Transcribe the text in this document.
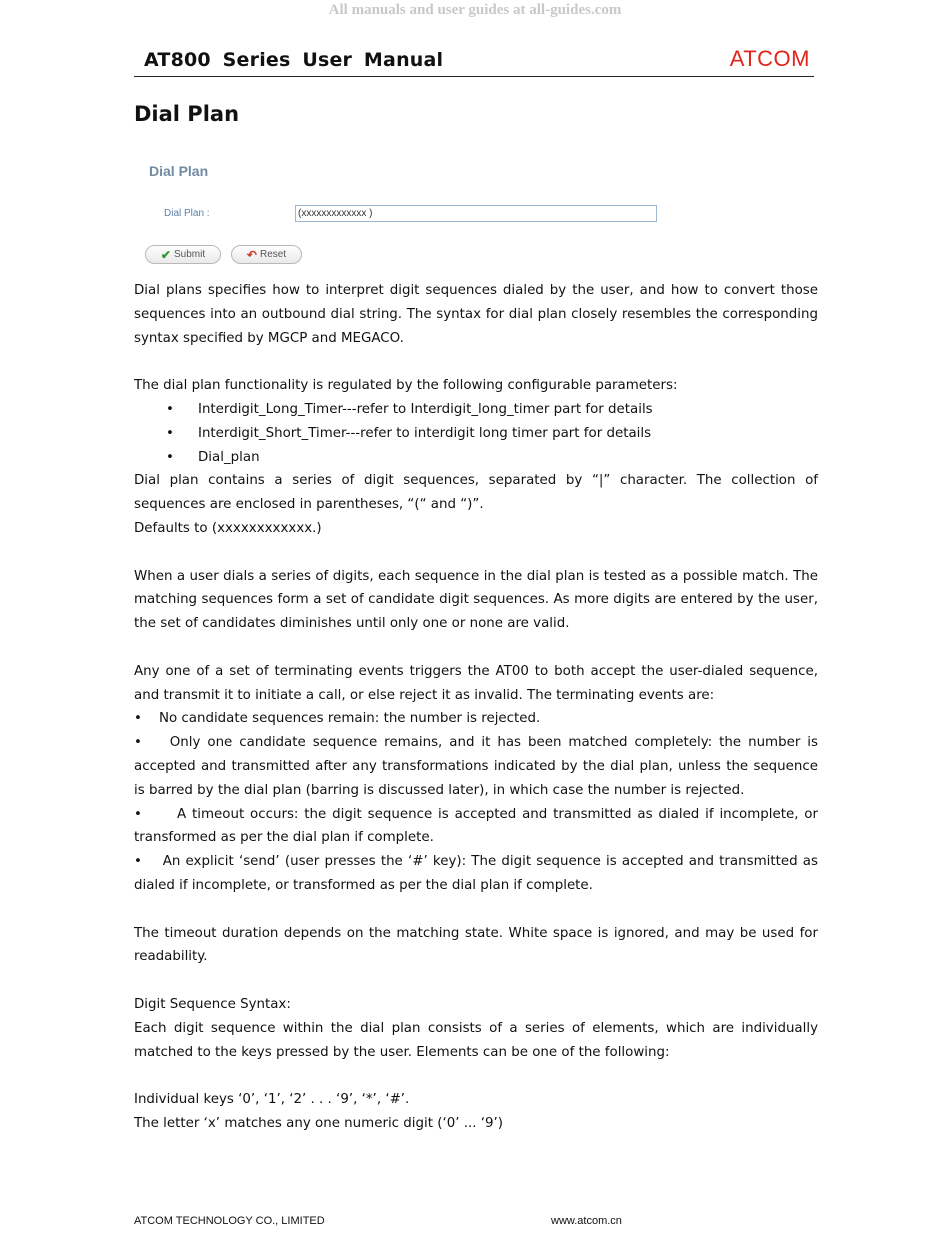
All manuals and user guides at all-guides.com
AT800 Series User Manual	ATCOM
Dial Plan
Dial Plan
Dial Plan :	(xxxxxxxxxxxxx )
✔ Submit	↶ Reset

Dial plans specifies how to interpret digit sequences dialed by the user, and how to convert those sequences into an outbound dial string. The syntax for dial plan closely resembles the corresponding syntax specified by MGCP and MEGACO.

The dial plan functionality is regulated by the following configurable parameters:

•	Interdigit_Long_Timer---refer to Interdigit_long_timer part for details
•	Interdigit_Short_Timer---refer to interdigit long timer part for details
•	Dial_plan

Dial plan contains a series of digit sequences, separated by “|” character. The collection of sequences are enclosed in parentheses, “(“ and “)”.

Defaults to (xxxxxxxxxxxx.)

When a user dials a series of digits, each sequence in the dial plan is tested as a possible match. The matching sequences form a set of candidate digit sequences. As more digits are entered by the user, the set of candidates diminishes until only one or none are valid.

Any one of a set of terminating events triggers the AT00 to both accept the user-dialed sequence, and transmit it to initiate a call, or else reject it as invalid. The terminating events are:

•    No candidate sequences remain: the number is rejected.

•    Only one candidate sequence remains, and it has been matched completely: the number is accepted and transmitted after any transformations indicated by the dial plan, unless the sequence is barred by the dial plan (barring is discussed later), in which case the number is rejected.

•      A timeout occurs: the digit sequence is accepted and transmitted as dialed if incomplete, or transformed as per the dial plan if complete.

•    An explicit ‘send’ (user presses the ‘#’ key): The digit sequence is accepted and transmitted as dialed if incomplete, or transformed as per the dial plan if complete.

The timeout duration depends on the matching state. White space is ignored, and may be used for readability.

Digit Sequence Syntax:

Each digit sequence within the dial plan consists of a series of elements, which are individually matched to the keys pressed by the user. Elements can be one of the following:

Individual keys ‘0’, ‘1’, ‘2’ . . . ‘9’, ‘*’, ‘#’.

The letter ‘x’ matches any one numeric digit (‘0’ ... ‘9’)

ATCOM TECHNOLOGY CO., LIMITED	www.atcom.cn
